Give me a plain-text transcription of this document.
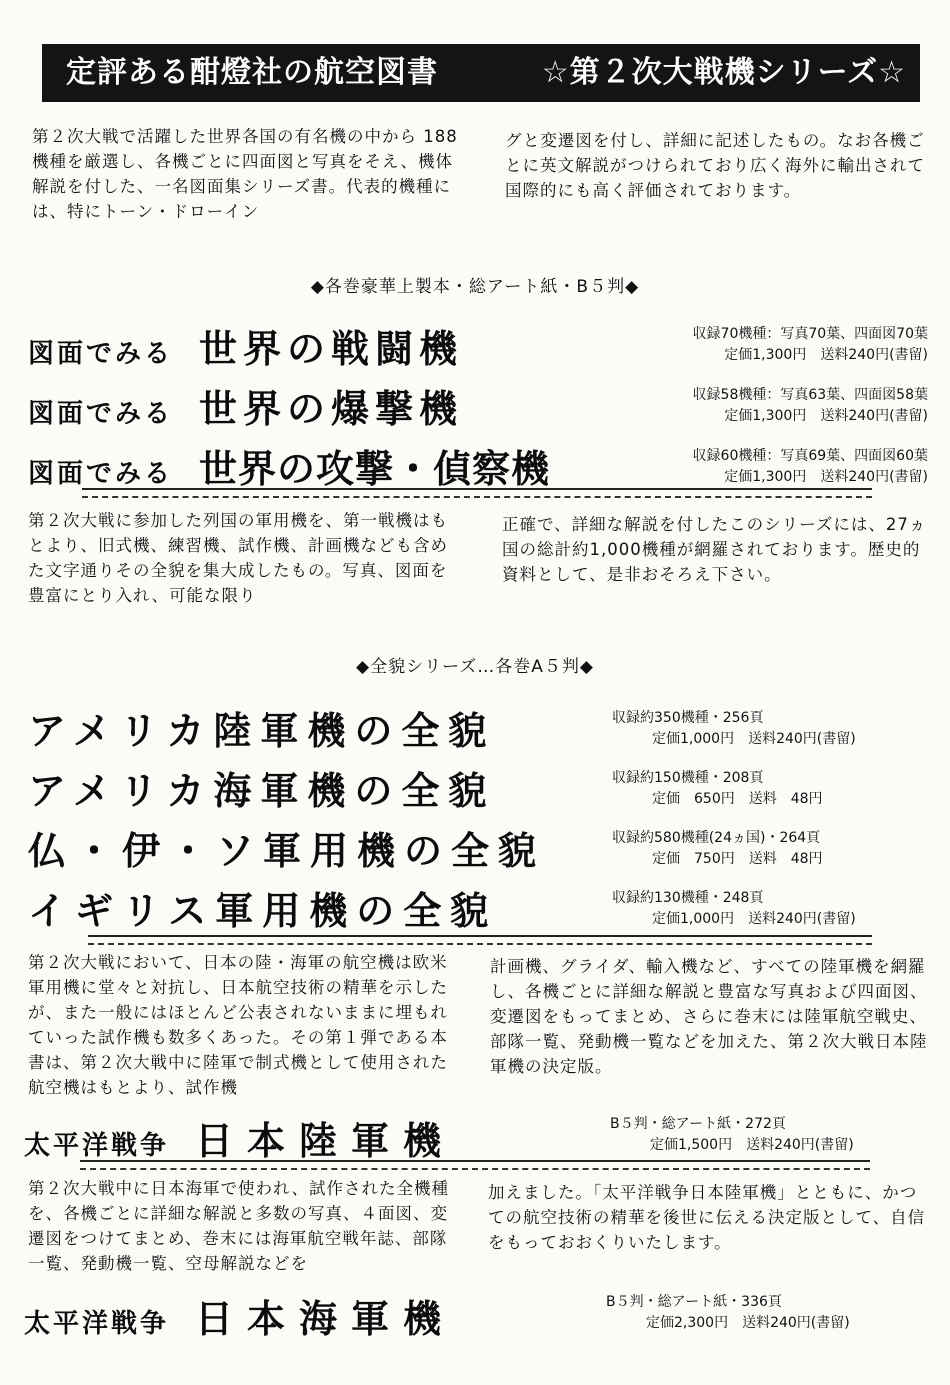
定評ある酣燈社の航空図書	☆第２次大戦機シリーズ☆
第２次大戦で活躍した世界各国の有名機の中から 188機種を厳選し、各機ごとに四面図と写真をそえ、機体解説を付した、一名図面集シリーズ書。代表的機種には、特にトーン・ドローイン
グと変遷図を付し、詳細に記述したもの。なお各機ごとに英文解説がつけられており広く海外に輸出されて国際的にも高く評価されております。
◆各巻豪華上製本・総アート紙・B５判◆
図面でみる 世界の戦闘機	収録70機種：写真70葉、四面図70葉
定価1,300円　送料240円(書留)
図面でみる 世界の爆撃機	収録58機種：写真63葉、四面図58葉
定価1,300円　送料240円(書留)
図面でみる 世界の攻撃・偵察機	収録60機種：写真69葉、四面図60葉
定価1,300円　送料240円(書留)
第２次大戦に参加した列国の軍用機を、第一戦機はもとより、旧式機、練習機、試作機、計画機なども含めた文字通りその全貌を集大成したもの。写真、図面を豊富にとり入れ、可能な限り
正確で、詳細な解説を付したこのシリーズには、27ヵ国の総計約1,000機種が網羅されております。歴史的資料として、是非おそろえ下さい。
◆全貌シリーズ…各巻A５判◆
アメリカ陸軍機の全貌	収録約350機種・256頁
定価1,000円　送料240円(書留)
アメリカ海軍機の全貌	収録約150機種・208頁
定価　650円　送料　48円
仏・伊・ソ軍用機の全貌	収録約580機種(24ヵ国)・264頁
定価　750円　送料　48円
イギリス軍用機の全貌	収録約130機種・248頁
定価1,000円　送料240円(書留)
第２次大戦において、日本の陸・海軍の航空機は欧米軍用機に堂々と対抗し、日本航空技術の精華を示したが、また一般にはほとんど公表されないままに埋もれていった試作機も数多くあった。その第１弾である本書は、第２次大戦中に陸軍で制式機として使用された航空機はもとより、試作機
計画機、グライダ、輸入機など、すべての陸軍機を網羅し、各機ごとに詳細な解説と豊富な写真および四面図、変遷図をもってまとめ、さらに巻末には陸軍航空戦史、部隊一覧、発動機一覧などを加えた、第２次大戦日本陸軍機の決定版。
太平洋戦争 日本陸軍機	B５判・総アート紙・272頁
定価1,500円　送料240円(書留)
第２次大戦中に日本海軍で使われ、試作された全機種を、各機ごとに詳細な解説と多数の写真、４面図、変遷図をつけてまとめ、巻末には海軍航空戦年誌、部隊一覧、発動機一覧、空母解説などを
加えました。「太平洋戦争日本陸軍機」とともに、かつての航空技術の精華を後世に伝える決定版として、自信をもっておおくりいたします。
太平洋戦争 日本海軍機	B５判・総アート紙・336頁
定価2,300円　送料240円(書留)
